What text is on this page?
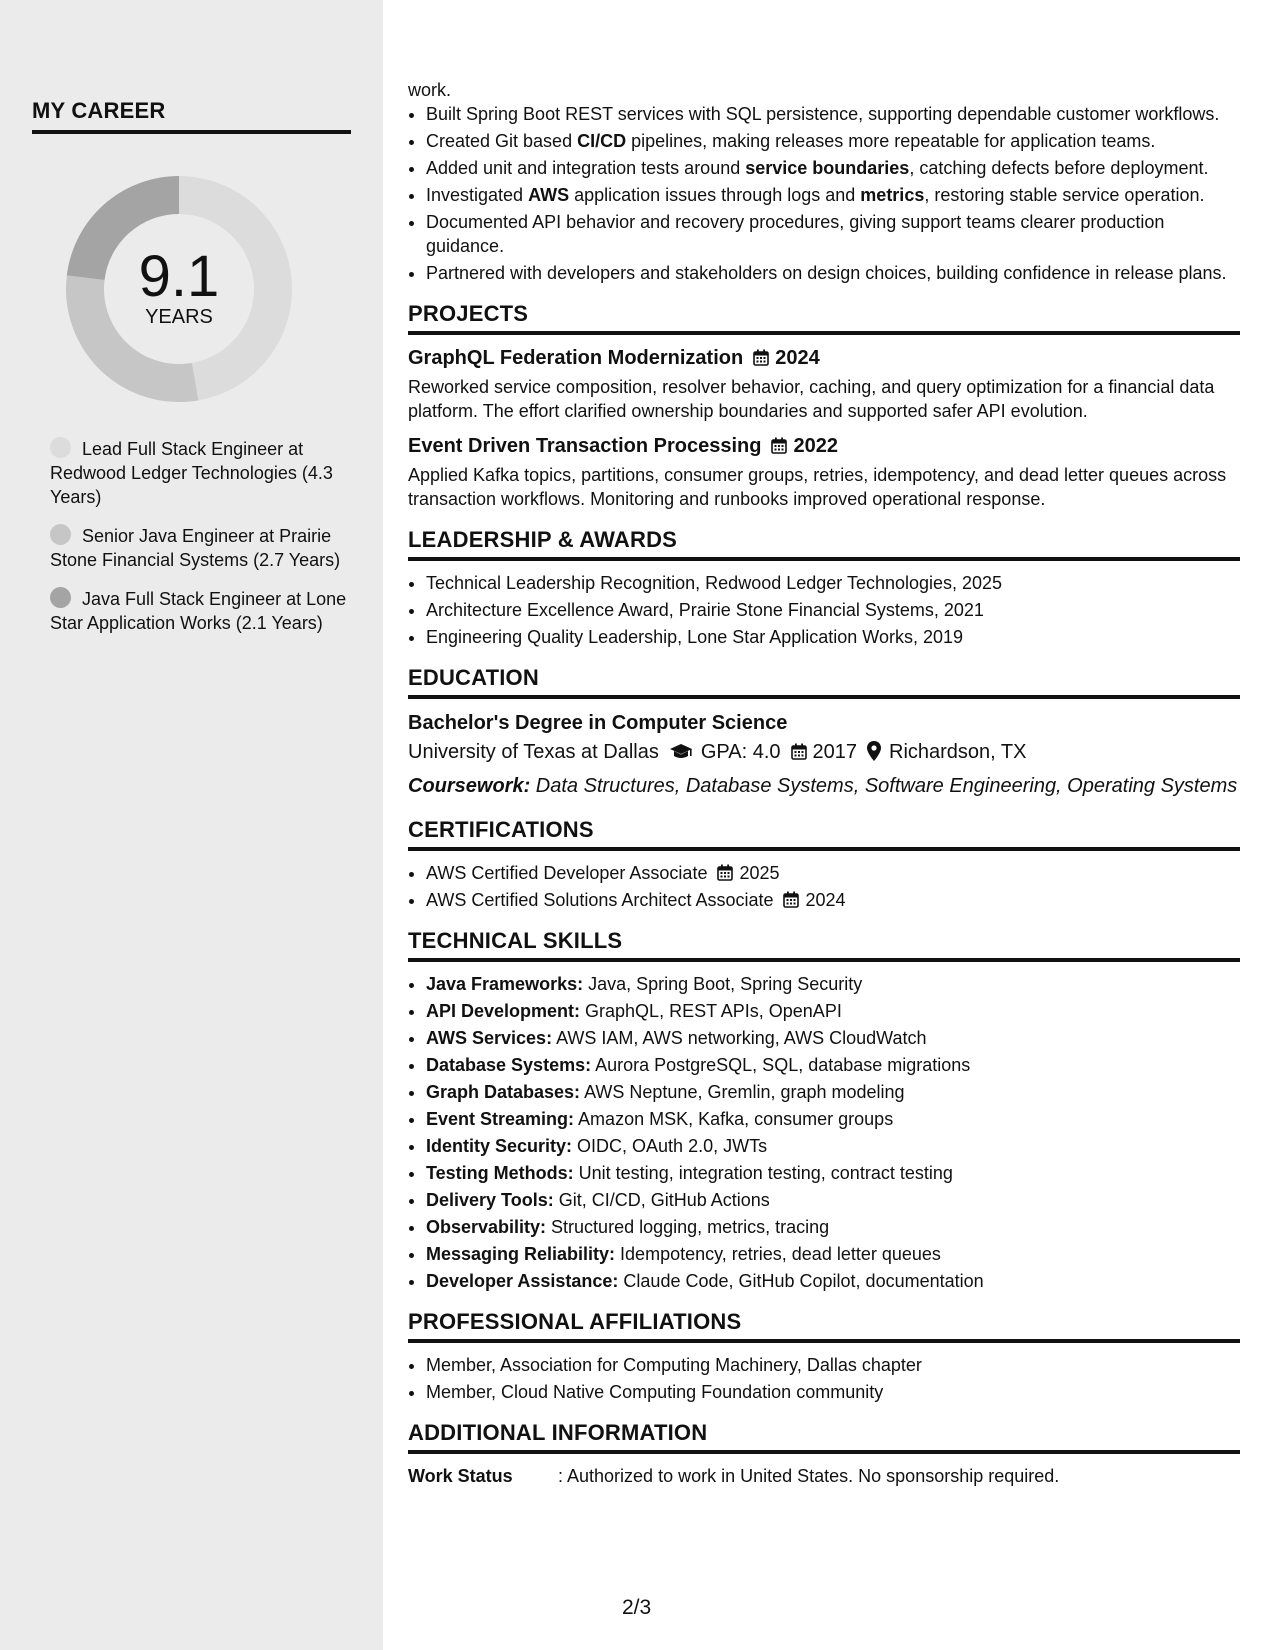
MY CAREER
9.1
YEARS
Lead Full Stack Engineer at Redwood Ledger Technologies (4.3 Years)
Senior Java Engineer at Prairie Stone Financial Systems (2.7 Years)
Java Full Stack Engineer at Lone Star Application Works (2.1 Years)
work.
• Built Spring Boot REST services with SQL persistence, supporting dependable customer workflows.
• Created Git based CI/CD pipelines, making releases more repeatable for application teams.
• Added unit and integration tests around service boundaries, catching defects before deployment.
• Investigated AWS application issues through logs and metrics, restoring stable service operation.
• Documented API behavior and recovery procedures, giving support teams clearer production guidance.
• Partnered with developers and stakeholders on design choices, building confidence in release plans.
PROJECTS
GraphQL Federation Modernization 2024
Reworked service composition, resolver behavior, caching, and query optimization for a financial data platform. The effort clarified ownership boundaries and supported safer API evolution.
Event Driven Transaction Processing 2022
Applied Kafka topics, partitions, consumer groups, retries, idempotency, and dead letter queues across transaction workflows. Monitoring and runbooks improved operational response.
LEADERSHIP & AWARDS
• Technical Leadership Recognition, Redwood Ledger Technologies, 2025
• Architecture Excellence Award, Prairie Stone Financial Systems, 2021
• Engineering Quality Leadership, Lone Star Application Works, 2019
EDUCATION
Bachelor's Degree in Computer Science
University of Texas at Dallas GPA: 4.0 2017 Richardson, TX
Coursework: Data Structures, Database Systems, Software Engineering, Operating Systems
CERTIFICATIONS
• AWS Certified Developer Associate 2025
• AWS Certified Solutions Architect Associate 2024
TECHNICAL SKILLS
• Java Frameworks: Java, Spring Boot, Spring Security
• API Development: GraphQL, REST APIs, OpenAPI
• AWS Services: AWS IAM, AWS networking, AWS CloudWatch
• Database Systems: Aurora PostgreSQL, SQL, database migrations
• Graph Databases: AWS Neptune, Gremlin, graph modeling
• Event Streaming: Amazon MSK, Kafka, consumer groups
• Identity Security: OIDC, OAuth 2.0, JWTs
• Testing Methods: Unit testing, integration testing, contract testing
• Delivery Tools: Git, CI/CD, GitHub Actions
• Observability: Structured logging, metrics, tracing
• Messaging Reliability: Idempotency, retries, dead letter queues
• Developer Assistance: Claude Code, GitHub Copilot, documentation
PROFESSIONAL AFFILIATIONS
• Member, Association for Computing Machinery, Dallas chapter
• Member, Cloud Native Computing Foundation community
ADDITIONAL INFORMATION
Work Status	: Authorized to work in United States. No sponsorship required.
2/3
